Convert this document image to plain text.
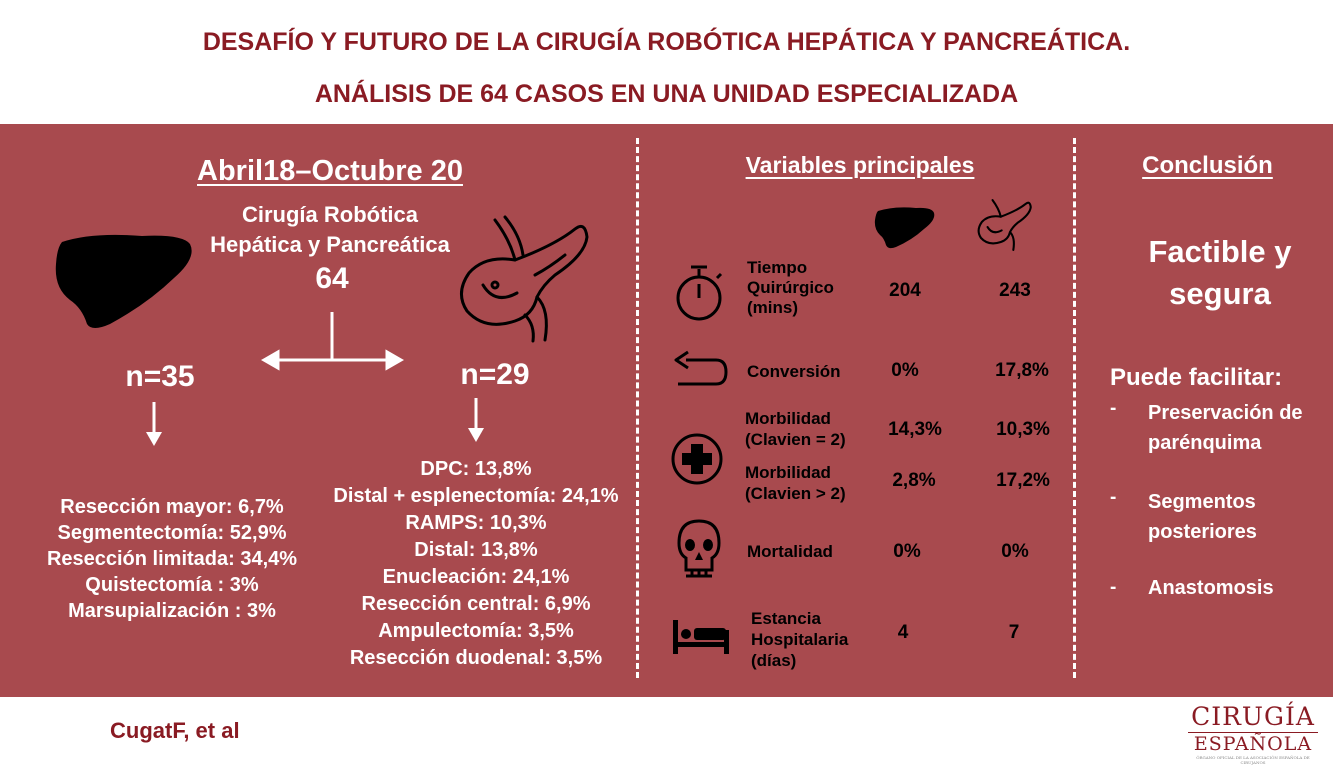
DESAFÍO Y FUTURO DE LA CIRUGÍA ROBÓTICA HEPÁTICA Y PANCREÁTICA.
ANÁLISIS DE 64 CASOS EN UNA UNIDAD ESPECIALIZADA
Abril18–Octubre 20
Cirugía Robótica
Hepática y Pancreática
64
n=35	n=29
Resección mayor: 6,7%
Segmentectomía: 52,9%
Resección limitada: 34,4%
Quistectomía : 3%
Marsupialización : 3%
DPC: 13,8%
Distal + esplenectomía: 24,1%
RAMPS: 10,3%
Distal: 13,8%
Enucleación: 24,1%
Resección central: 6,9%
Ampulectomía: 3,5%
Resección duodenal: 3,5%
Variables principales
Tiempo
Quirúrgico
(mins)
204	243
Conversión	0%	17,8%
Morbilidad
(Clavien = 2)	14,3%	10,3%
Morbilidad
(Clavien > 2)
2,8%	17,2%
Mortalidad	0%	0%
Estancia
Hospitalaria
(días)
4	7
Conclusión
Factible y
segura
Puede facilitar:
- Preservación de
parénquima
- Segmentos
posteriores
- Anastomosis
CugatF, et al	CIRUGÍA
ESPAÑOLA
ÓRGANO OFICIAL DE LA ASOCIACIÓN ESPAÑOLA DE CIRUJANOS
